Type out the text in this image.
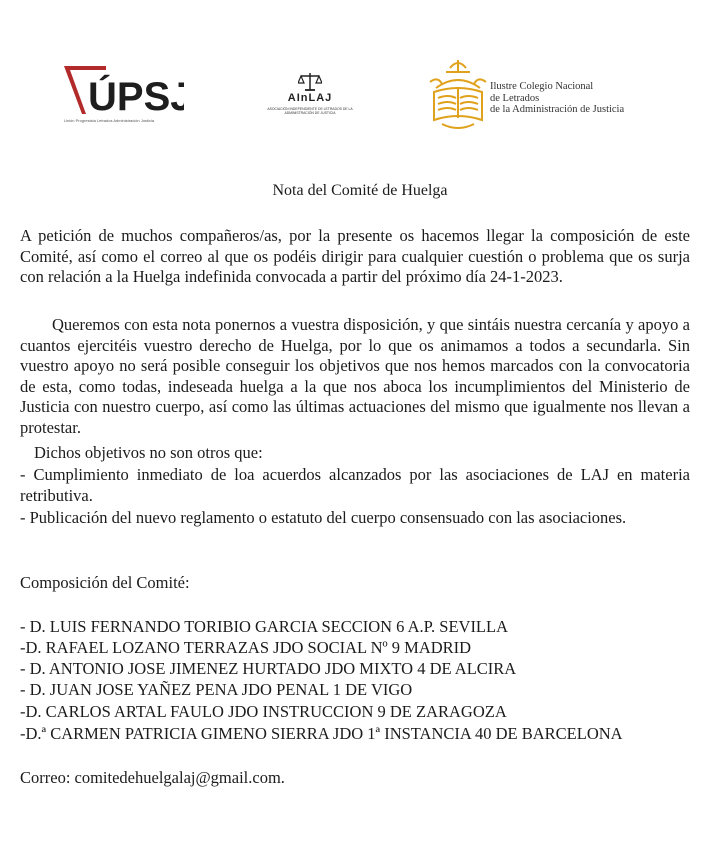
ÚPSJ
Unión Progresista Letrados Administración Justicia
AInLAJ
ASOCIACIÓN INDEPENDIENTE DE LETRADOS DE LA ADMINISTRACIÓN DE JUSTICIA
Ilustre Colegio Nacional
de Letrados
de la Administración de Justicia
Nota del Comité de Huelga

A petición de muchos compañeros/as, por la presente os hacemos llegar la composición de este Comité, así como el correo al que os podéis dirigir para cualquier cuestión o problema que os surja con relación a la Huelga indefinida convocada a partir del próximo día 24-1-2023.

Queremos con esta nota ponernos a vuestra disposición, y que sintáis nuestra cercanía y apoyo a cuantos ejercitéis vuestro derecho de Huelga, por lo que os animamos a todos a secundarla. Sin vuestro apoyo no será posible conseguir los objetivos que nos hemos marcados con la convocatoria de esta, como todas, indeseada huelga a la que nos aboca los incumplimientos del Ministerio de Justicia con nuestro cuerpo, así como las últimas actuaciones del mismo que igualmente nos llevan a protestar.

Dichos objetivos no son otros que:

- Cumplimiento inmediato de loa acuerdos alcanzados por las asociaciones de LAJ en materia retributiva.

- Publicación del nuevo reglamento o estatuto del cuerpo consensuado con las asociaciones.

Composición del Comité:

- D. LUIS FERNANDO TORIBIO GARCIA SECCION 6 A.P. SEVILLA

-D. RAFAEL LOZANO TERRAZAS JDO SOCIAL Nº 9 MADRID

- D. ANTONIO JOSE JIMENEZ HURTADO JDO MIXTO 4 DE ALCIRA

- D. JUAN JOSE YAÑEZ PENA JDO PENAL 1 DE VIGO

-D. CARLOS ARTAL FAULO JDO INSTRUCCION 9 DE ZARAGOZA

-D.ª CARMEN PATRICIA GIMENO SIERRA JDO 1ª INSTANCIA 40 DE BARCELONA

Correo: comitedehuelgalaj@gmail.com.
